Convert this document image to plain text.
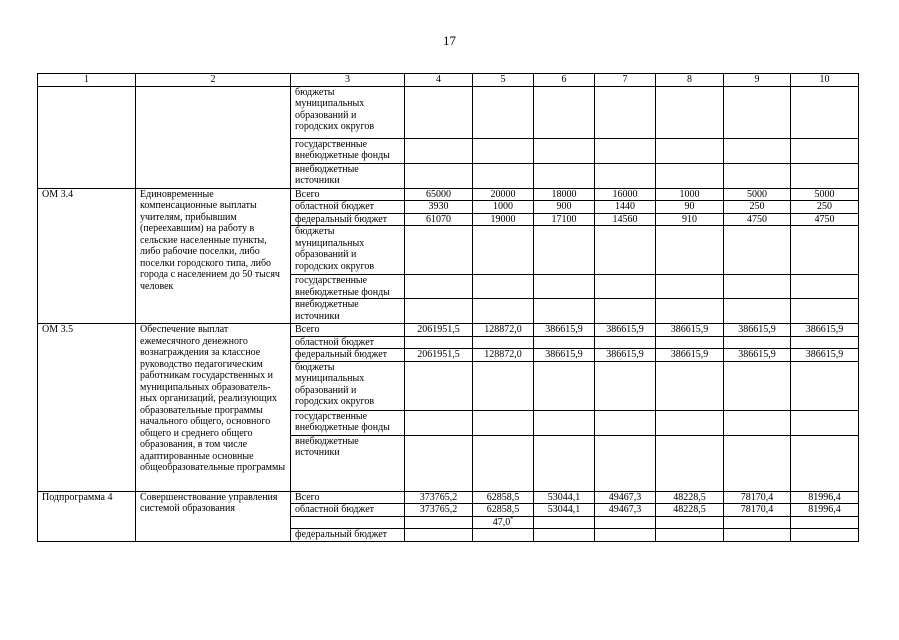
17
1	2	3	4	5	6	7	8	9	10
		бюджеты муниципальных образований и городских округов							
		государственные внебюджетные фонды							
		внебюджетные источники							
ОМ 3.4	Единовременные компенсационные выплаты учителям, прибывшим (переехавшим) на работу в сельские населенные пункты, либо рабочие поселки, либо поселки городского типа, либо города с населением до 50 тысяч человек	Всего	65000	20000	18000	16000	1000	5000	5000
		областной бюджет	3930	1000	900	1440	90	250	250
		федеральный бюджет	61070	19000	17100	14560	910	4750	4750
		бюджеты муниципальных образований и городских округов							
		государственные внебюджетные фонды							
		внебюджетные источники							
ОМ 3.5	Обеспечение выплат ежемесячного денежного вознаграждения за классное руководство педагогическим работникам государственных и муниципальных образователь-ных организаций, реализующих образовательные программы начального общего, основного общего и среднего общего образования, в том числе адаптированные основные общеобразовательные программы	Всего	2061951,5	128872,0	386615,9	386615,9	386615,9	386615,9	386615,9
		областной бюджет							
		федеральный бюджет	2061951,5	128872,0	386615,9	386615,9	386615,9	386615,9	386615,9
		бюджеты муниципальных образований и городских округов							
		государственные внебюджетные фонды							
		внебюджетные источники							
Подпрограмма 4	Совершенствование управления системой образования	Всего	373765,2	62858,5	53044,1	49467,3	48228,5	78170,4	81996,4
		областной бюджет	373765,2	62858,5	53044,1	49467,3	48228,5	78170,4	81996,4
				47,0*					
		федеральный бюджет							
